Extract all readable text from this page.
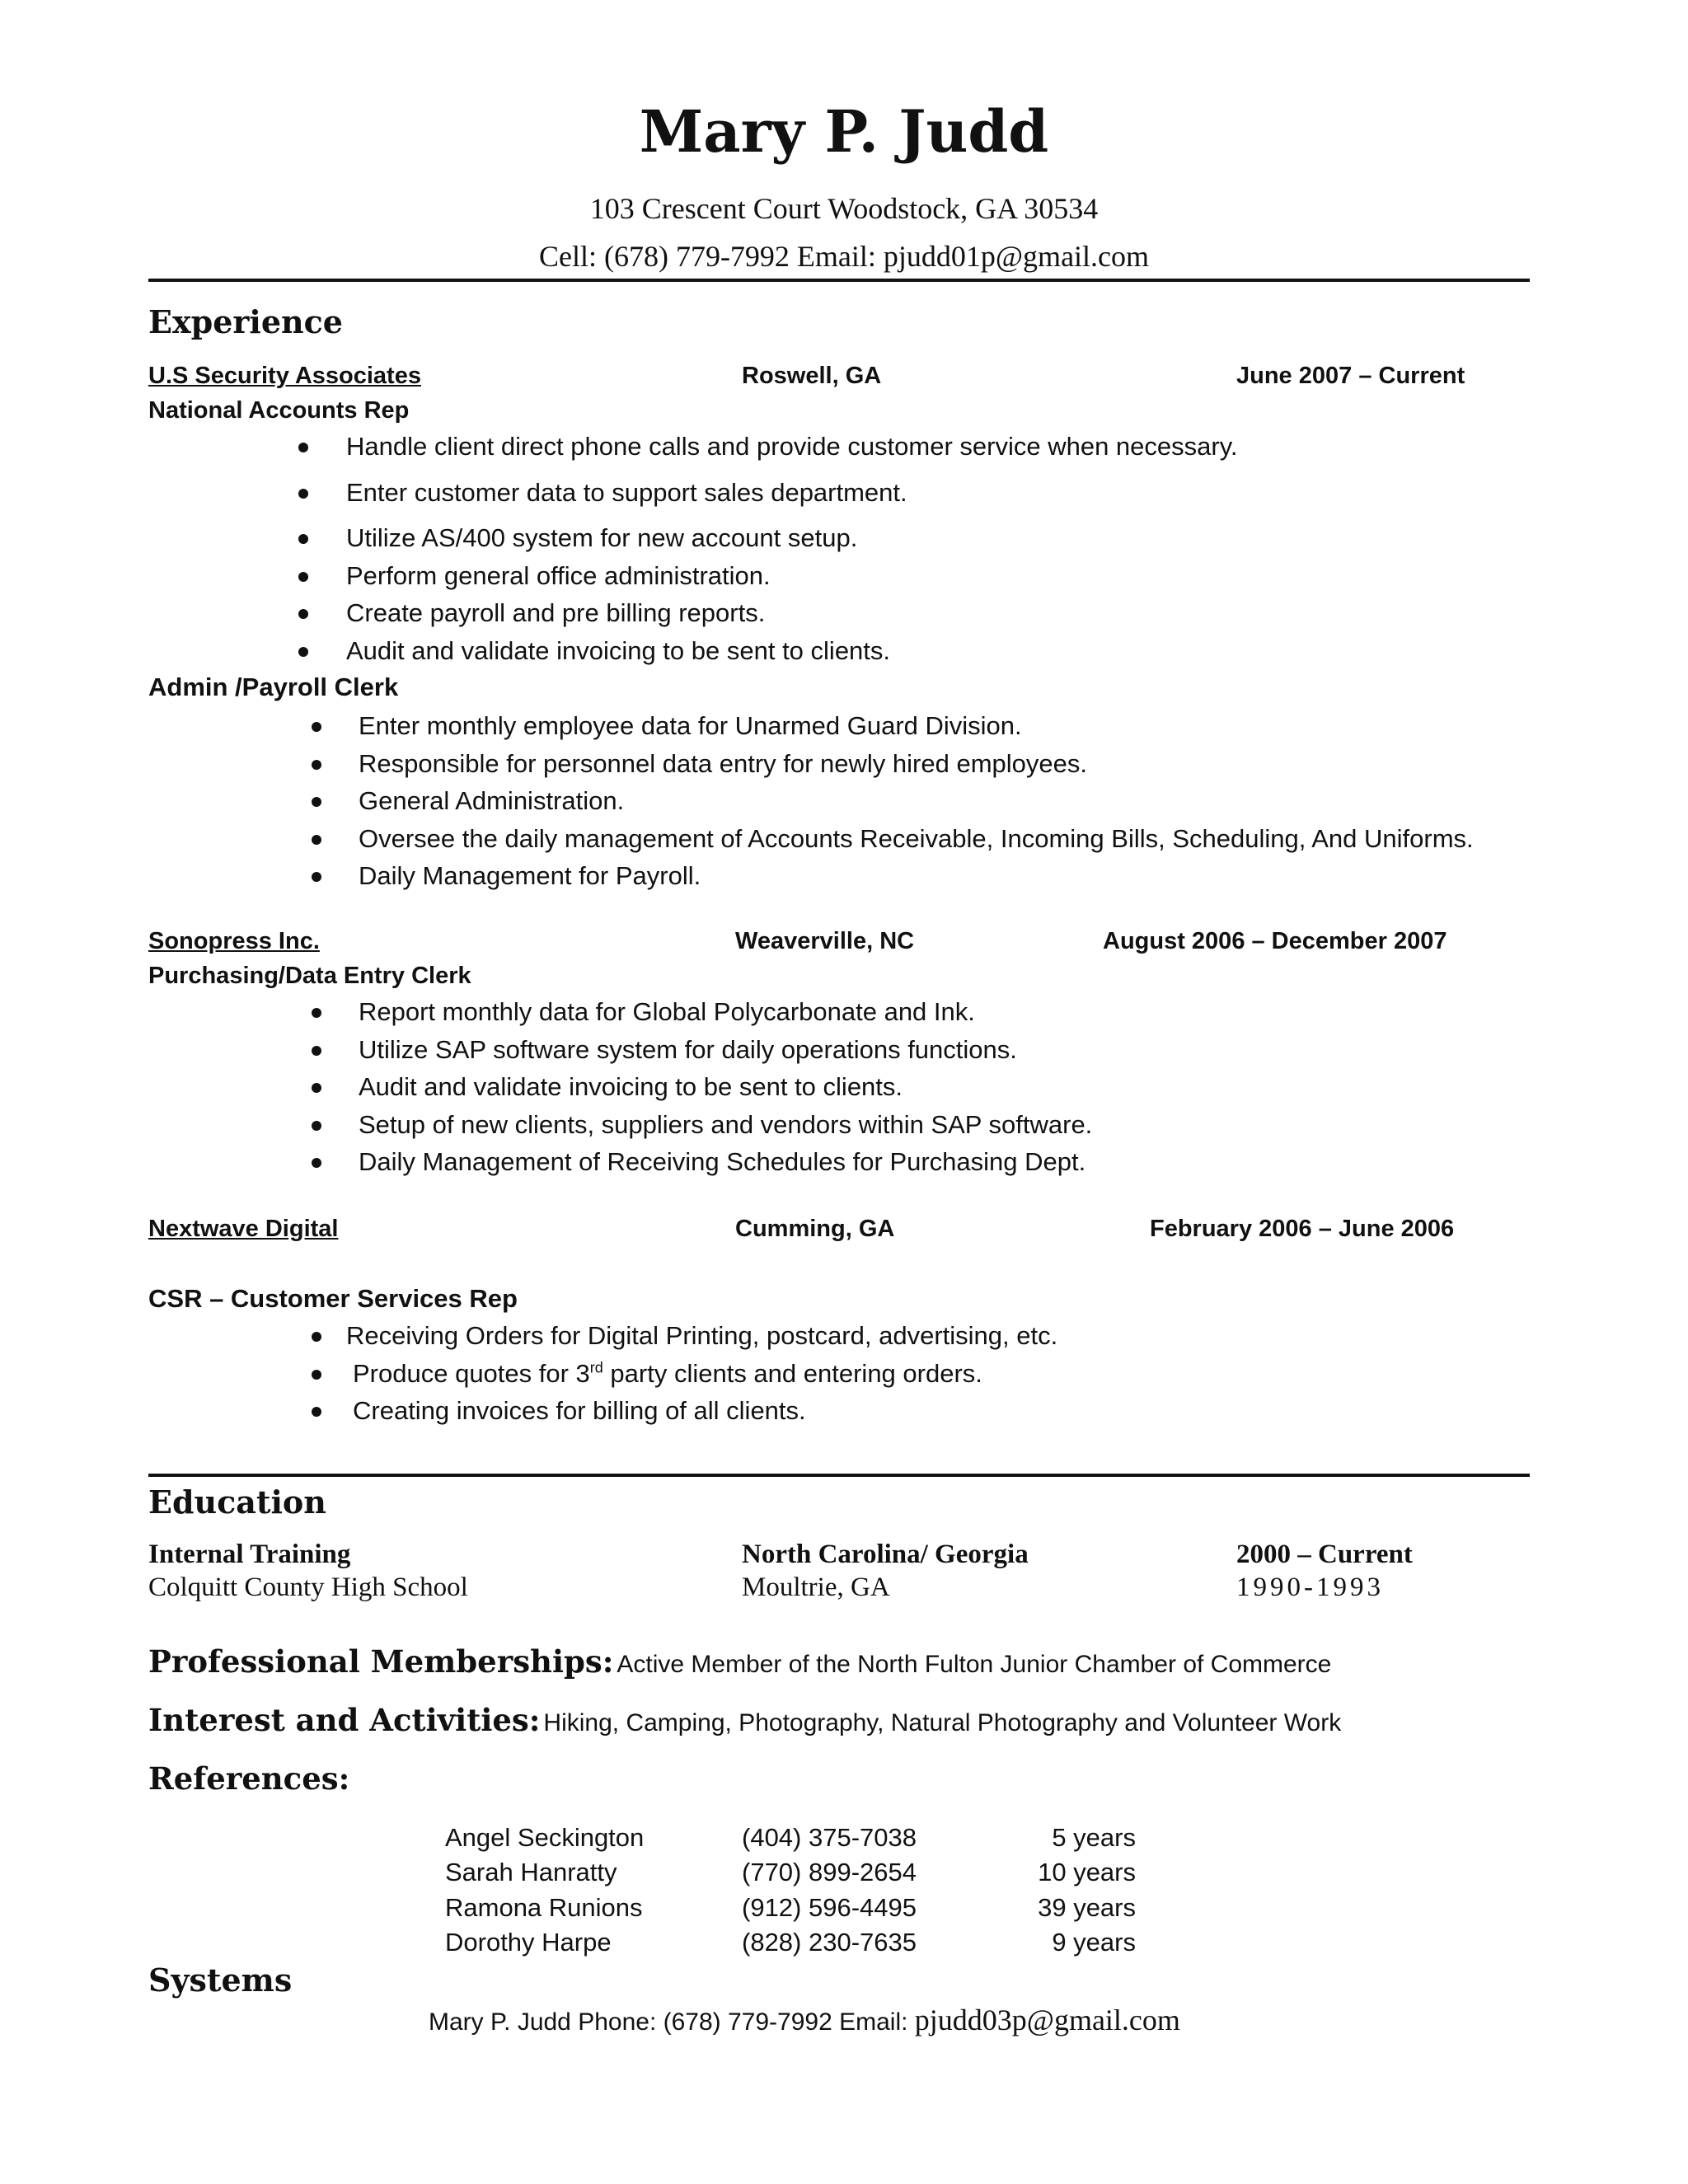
Mary P. Judd
103 Crescent Court Woodstock, GA 30534
Cell: (678) 779-7992 Email: pjudd01p@gmail.com
Experience
U.S Security Associates	Roswell, GA	June 2007 – Current
National Accounts Rep
Handle client direct phone calls and provide customer service when necessary.
Enter customer data to support sales department.
Utilize AS/400 system for new account setup.
Perform general office administration.
Create payroll and pre billing reports.
Audit and validate invoicing to be sent to clients.
Admin /Payroll Clerk
Enter monthly employee data for Unarmed Guard Division.
Responsible for personnel data entry for newly hired employees.
General Administration.
Oversee the daily management of Accounts Receivable, Incoming Bills, Scheduling, And Uniforms.
Daily Management for Payroll.
Sonopress Inc.	Weaverville, NC	August 2006 – December 2007
Purchasing/Data Entry Clerk
Report monthly data for Global Polycarbonate and Ink.
Utilize SAP software system for daily operations functions.
Audit and validate invoicing to be sent to clients.
Setup of new clients, suppliers and vendors within SAP software.
Daily Management of Receiving Schedules for Purchasing Dept.
Nextwave Digital	Cumming, GA	February 2006 – June 2006
CSR – Customer Services Rep
Receiving Orders for Digital Printing, postcard, advertising, etc.
Produce quotes for 3rd party clients and entering orders.
Creating invoices for billing of all clients.
Education
Internal Training	North Carolina/ Georgia	2000 – Current
Colquitt County High School	Moultrie, GA	1990-1993
Professional Memberships: Active Member of the North Fulton Junior Chamber of Commerce
Interest and Activities: Hiking, Camping, Photography, Natural Photography and Volunteer Work
References:
Angel Seckington	(404) 375-7038	5 years
Sarah Hanratty	(770) 899-2654	10 years
Ramona Runions	(912) 596-4495	39 years
Dorothy Harpe	(828) 230-7635	9 years
Systems
Mary P. Judd Phone: (678) 779-7992 Email: pjudd03p@gmail.com
